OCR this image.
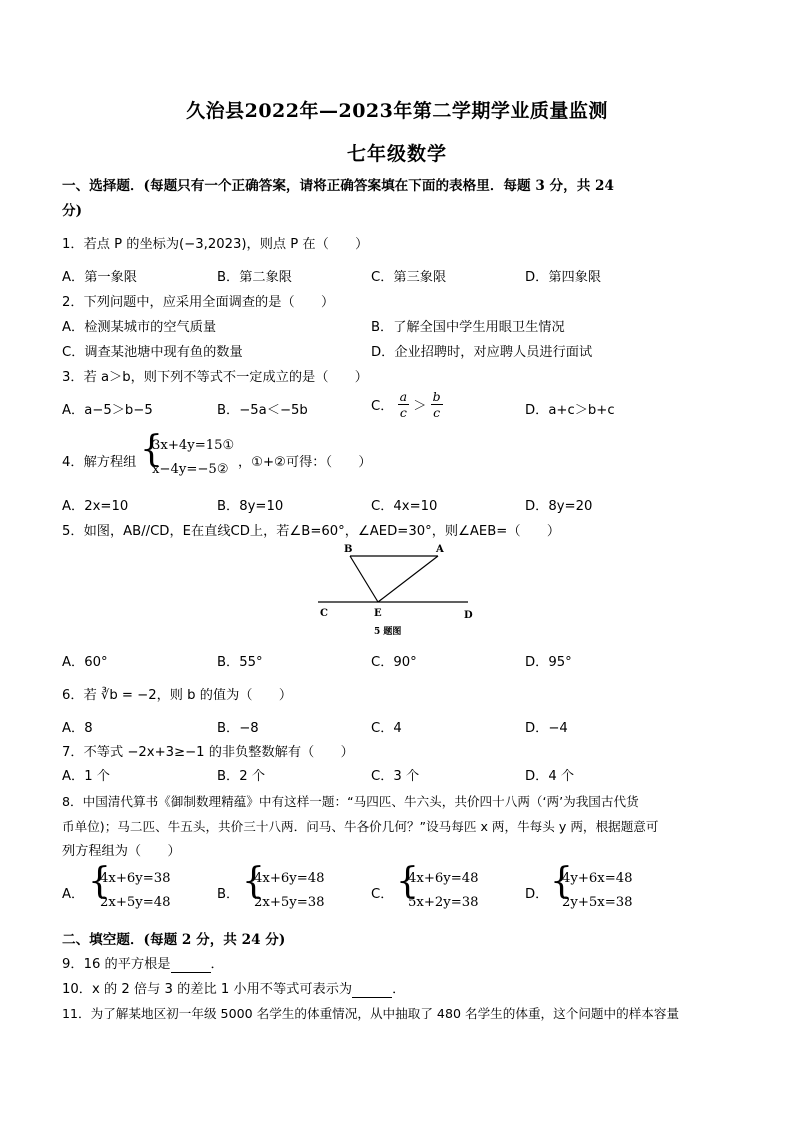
久治县2022年—2023年第二学期学业质量监测
七年级数学
一、选择题．(每题只有一个正确答案，请将正确答案填在下面的表格里．每题 3 分，共 24
分)
1．若点 P 的坐标为(−3,2023)，则点 P 在（　　）
A．第一象限	B．第二象限	C．第三象限	D．第四象限
2．下列问题中，应采用全面调查的是（　　）
A．检测某城市的空气质量	B．了解全国中学生用眼卫生情况
C．调查某池塘中现有鱼的数量	D．企业招聘时，对应聘人员进行面试
3．若 a＞b，则下列不等式不一定成立的是（　　）
A．a−5＞b−5	B．−5a＜−5b	C． $\frac{a}{c} > \frac{b}{c}$	D．a+c＞b+c
4．解方程组 {
3x+4y=15①
x−4y=−5② ，①+②可得：（　　）
A．2x=10	B．8y=10	C．4x=10	D．8y=20
5．如图，AB//CD，E在直线CD上，若∠B=60°，∠AED=30°，则∠AEB=（　　）
B	A
C	E	D
5 题图
A．60°	B．55°	C．90°	D．95°
6．若 ∛b = −2，则 b 的值为（　　）
A．8	B．−8	C．4	D．−4
7．不等式 −2x+3≥−1 的非负整数解有（　　）
A．1 个	B．2 个	C．3 个	D．4 个
8．中国清代算书《御制数理精蕴》中有这样一题：“马四匹、牛六头，共价四十八两（‘两’为我国古代货
币单位)；马二匹、牛五头，共价三十八两．问马、牛各价几何？”设马每匹 x 两，牛每头 y 两，根据题意可
列方程组为（　　）
A． {
4x+6y=38
2x+5y=48
B． {
4x+6y=48
2x+5y=38
C． {
4x+6y=48
5x+2y=38
D． {
4y+6x=48
2y+5x=38
二、填空题．(每题 2 分，共 24 分)
9．16 的平方根是	．
10．x 的 2 倍与 3 的差比 1 小用不等式可表示为	．
11．为了解某地区初一年级 5000 名学生的体重情况，从中抽取了 480 名学生的体重，这个问题中的样本容量
